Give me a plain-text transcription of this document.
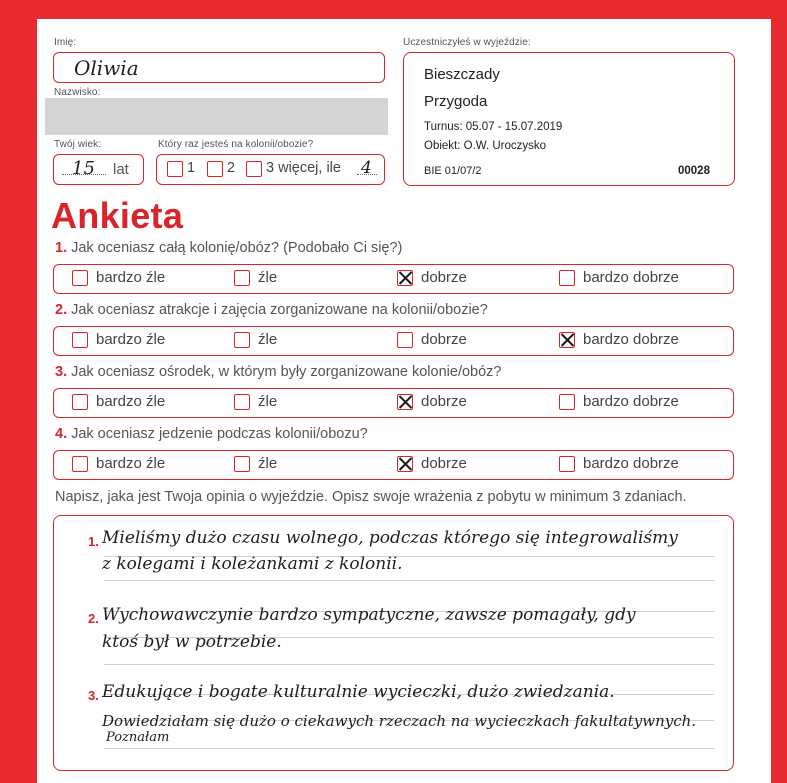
Imię:
Oliwia
Nazwisko:
Twój wiek:
15 lat
Który raz jesteś na kolonii/obozie?
1 2 3 więcej, ile 4
Uczestniczyłeś w wyjeździe:
Bieszczady
Przygoda
Turnus: 05.07 - 15.07.2019
Obiekt: O.W. Uroczysko
BIE 01/07/2	00028
Ankieta
1. Jak oceniasz całą kolonię/obóz? (Podobało Ci się?)
bardzo źle	źle	dobrze	bardzo dobrze
2. Jak oceniasz atrakcje i zajęcia zorganizowane na kolonii/obozie?
bardzo źle	źle	dobrze	bardzo dobrze
3. Jak oceniasz ośrodek, w którym były zorganizowane kolonie/obóz?
bardzo źle	źle	dobrze	bardzo dobrze
4. Jak oceniasz jedzenie podczas kolonii/obozu?
bardzo źle	źle	dobrze	bardzo dobrze
Napisz, jaka jest Twoja opinia o wyjeździe. Opisz swoje wrażenia z pobytu w minimum 3 zdaniach.
1. Mieliśmy dużo czasu wolnego, podczas którego się integrowaliśmy
z kolegami i koleżankami z kolonii.
2. Wychowawczynie bardzo sympatyczne, zawsze pomagały, gdy
ktoś był w potrzebie.
3. Edukujące i bogate kulturalnie wycieczki, dużo zwiedzania.
Dowiedziałam się dużo o ciekawych rzeczach na wycieczkach fakultatywnych.
Poznałam
